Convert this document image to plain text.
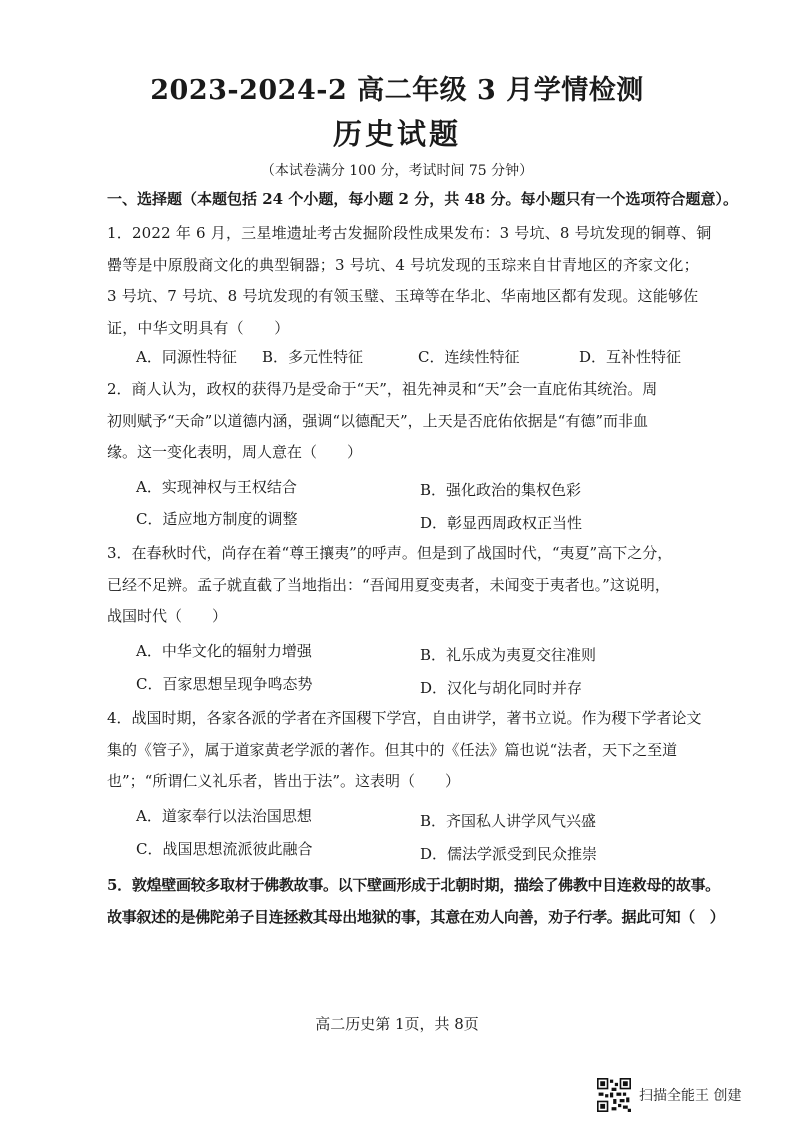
2023-2024-2 高二年级 3 月学情检测
历史试题
（本试卷满分 100 分，考试时间 75 分钟）
一、选择题（本题包括 24 个小题，每小题 2 分，共 48 分。每小题只有一个选项符合题意）。
1．2022 年 6 月，三星堆遗址考古发掘阶段性成果发布：3 号坑、8 号坑发现的铜尊、铜
罍等是中原殷商文化的典型铜器；3 号坑、4 号坑发现的玉琮来自甘青地区的齐家文化；
3 号坑、7 号坑、8 号坑发现的有领玉璧、玉璋等在华北、华南地区都有发现。这能够佐
证，中华文明具有（　　）
A．同源性特征 B．多元性特征	C．连续性特征	D．互补性特征
2．商人认为，政权的获得乃是受命于“天”，祖先神灵和“天”会一直庇佑其统治。周
初则赋予“天命”以道德内涵，强调“以德配天”，上天是否庇佑依据是“有德”而非血
缘。这一变化表明，周人意在（　　）
A．实现神权与王权结合	B．强化政治的集权色彩
C．适应地方制度的调整	D．彰显西周政权正当性
3．在春秋时代，尚存在着“尊王攘夷”的呼声。但是到了战国时代，“夷夏”高下之分，
已经不足辨。孟子就直截了当地指出：“吾闻用夏变夷者，未闻变于夷者也。”这说明，
战国时代（　　）
A．中华文化的辐射力增强	B．礼乐成为夷夏交往准则
C．百家思想呈现争鸣态势	D．汉化与胡化同时并存
4．战国时期，各家各派的学者在齐国稷下学宫，自由讲学，著书立说。作为稷下学者论文
集的《管子》，属于道家黄老学派的著作。但其中的《任法》篇也说“法者，天下之至道
也”；“所谓仁义礼乐者，皆出于法”。这表明（　　）
A．道家奉行以法治国思想	B．齐国私人讲学风气兴盛
C．战国思想流派彼此融合	D．儒法学派受到民众推崇
5．敦煌壁画较多取材于佛教故事。以下壁画形成于北朝时期，描绘了佛教中目连救母的故事。
故事叙述的是佛陀弟子目连拯救其母出地狱的事，其意在劝人向善，劝子行孝。据此可知（　）
高二历史第 1页，共 8页
扫描全能王 创建
